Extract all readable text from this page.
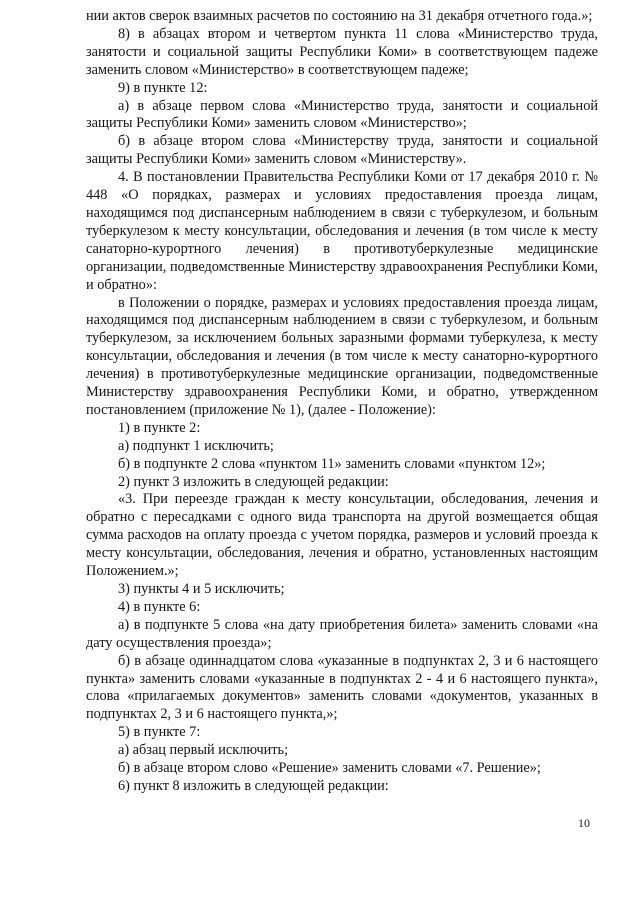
нии актов сверок взаимных расчетов по состоянию на 31 декабря отчетного года.»;

8) в абзацах втором и четвертом пункта 11 слова «Министерство труда, занятости и социальной защиты Республики Коми» в соответствующем падеже заменить словом «Министерство» в соответствующем падеже;

9) в пункте 12:

а) в абзаце первом слова «Министерство труда, занятости и социальной защиты Республики Коми» заменить словом «Министерство»;

б) в абзаце втором слова «Министерству труда, занятости и социальной защиты Республики Коми» заменить словом «Министерству».

4. В постановлении Правительства Республики Коми от 17 декабря 2010 г. № 448 «О порядках, размерах и условиях предоставления проезда лицам, находящимся под диспансерным наблюдением в связи с туберкулезом, и больным туберкулезом к месту консультации, обследования и лечения (в том числе к месту санаторно-курортного лечения) в противотуберкулезные медицинские организации, подведомственные Министерству здравоохранения Республики Коми, и обратно»:

в Положении о порядке, размерах и условиях предоставления проезда лицам, находящимся под диспансерным наблюдением в связи с туберкулезом, и больным туберкулезом, за исключением больных заразными формами туберкулеза, к месту консультации, обследования и лечения (в том числе к месту санаторно-курортного лечения) в противотуберкулезные медицинские организации, подведомственные Министерству здравоохранения Республики Коми, и обратно, утвержденном постановлением (приложение № 1), (далее - Положение):

1) в пункте 2:

а) подпункт 1 исключить;

б) в подпункте 2 слова «пунктом 11» заменить словами «пунктом 12»;

2) пункт 3 изложить в следующей редакции:

«3. При переезде граждан к месту консультации, обследования, лечения и обратно с пересадками с одного вида транспорта на другой возмещается общая сумма расходов на оплату проезда с учетом порядка, размеров и условий проезда к месту консультации, обследования, лечения и обратно, установленных настоящим Положением.»;

3) пункты 4 и 5 исключить;

4) в пункте 6:

а) в подпункте 5 слова «на дату приобретения билета» заменить словами «на дату осуществления проезда»;

б) в абзаце одиннадцатом слова «указанные в подпунктах 2, 3 и 6 настоящего пункта» заменить словами «указанные в подпунктах 2 - 4 и 6 настоящего пункта», слова «прилагаемых документов» заменить словами «документов, указанных в подпунктах 2, 3 и 6 настоящего пункта,»;

5) в пункте 7:

а) абзац первый исключить;

б) в абзаце втором слово «Решение» заменить словами «7. Решение»;

6) пункт 8 изложить в следующей редакции:

10
